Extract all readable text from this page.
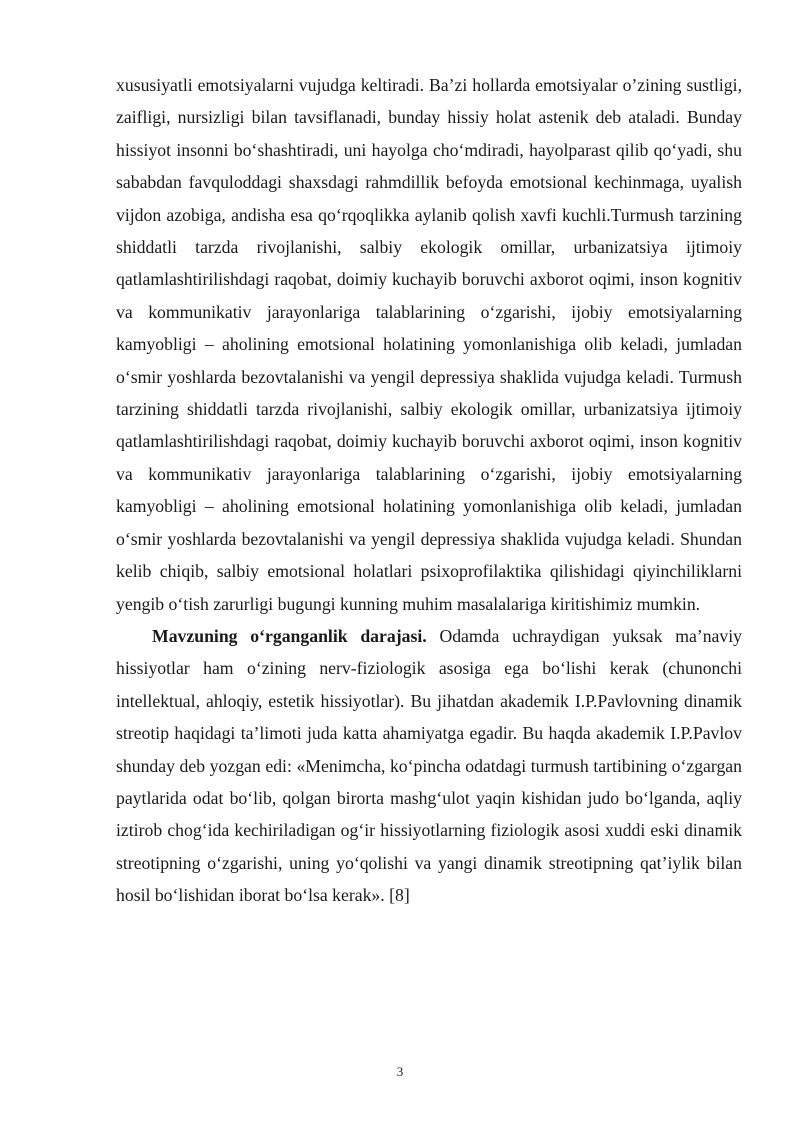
xususiyatli emotsiyalarni vujudga keltiradi. Ba’zi hollarda emotsiyalar o’zining sustligi, zaifligi, nursizligi bilan tavsiflanadi, bunday hissiy holat astenik deb ataladi. Bunday hissiyot insonni bo‘shashtiradi, uni hayolga cho‘mdiradi, hayolparast qilib qo‘yadi, shu sababdan favquloddagi shaxsdagi rahmdillik befoyda emotsional kechinmaga, uyalish vijdon azobiga, andisha esa qo‘rqoqlikka aylanib qolish xavfi kuchli.Turmush tarzining shiddatli tarzda rivojlanishi, salbiy ekologik omillar, urbanizatsiya ijtimoiy qatlamlashtirilishdagi raqobat, doimiy kuchayib boruvchi axborot oqimi, inson kognitiv va kommunikativ jarayonlariga talablarining o‘zgarishi, ijobiy emotsiyalarning kamyobligi – aholining emotsional holatining yomonlanishiga olib keladi, jumladan o‘smir yoshlarda bezovtalanishi va yengil depressiya shaklida vujudga keladi. Turmush tarzining shiddatli tarzda rivojlanishi, salbiy ekologik omillar, urbanizatsiya ijtimoiy qatlamlashtirilishdagi raqobat, doimiy kuchayib boruvchi axborot oqimi, inson kognitiv va kommunikativ jarayonlariga talablarining o‘zgarishi, ijobiy emotsiyalarning kamyobligi – aholining emotsional holatining yomonlanishiga olib keladi, jumladan o‘smir yoshlarda bezovtalanishi va yengil depressiya shaklida vujudga keladi. Shundan kelib chiqib, salbiy emotsional holatlari psixoprofilaktika qilishidagi qiyinchiliklarni yengib o‘tish zarurligi bugungi kunning muhim masalalariga kiritishimiz mumkin.

Mavzuning o‘rganganlik darajasi. Odamda uchraydigan yuksak ma’naviy hissiyotlar ham o‘zining nerv-fiziologik asosiga ega bo‘lishi kerak (chunonchi intellektual, ahloqiy, estetik hissiyotlar). Bu jihatdan akademik I.P.Pavlovning dinamik streotip haqidagi ta’limoti juda katta ahamiyatga egadir. Bu haqda akademik I.P.Pavlov shunday deb yozgan edi: «Menimcha, ko‘pincha odatdagi turmush tartibining o‘zgargan paytlarida odat bo‘lib, qolgan birorta mashg‘ulot yaqin kishidan judo bo‘lganda, aqliy iztirob chog‘ida kechiriladigan og‘ir hissiyotlarning fiziologik asosi xuddi eski dinamik streotipning o‘zgarishi, uning yo‘qolishi va yangi dinamik streotipning qat’iylik bilan hosil bo‘lishidan iborat bo‘lsa kerak». [8]

3
